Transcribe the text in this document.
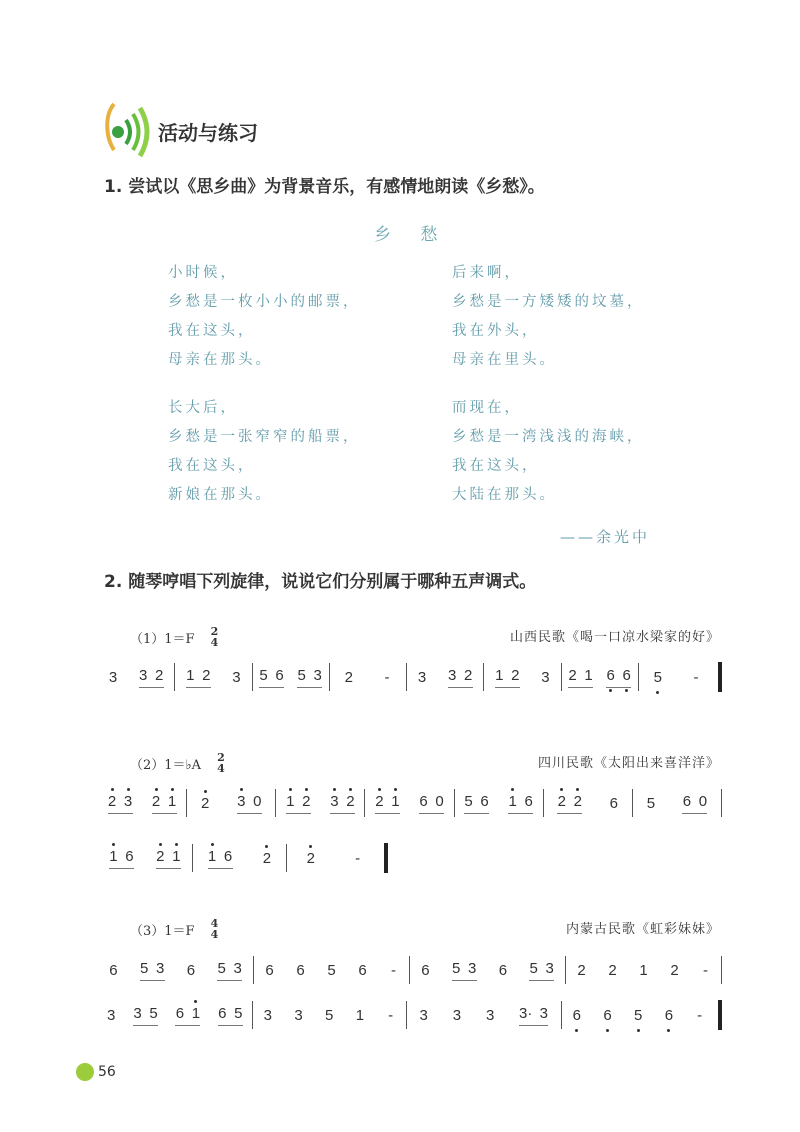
活动与练习
1. 尝试以《思乡曲》为背景音乐，有感情地朗读《乡愁》。
乡 愁
小时候，
乡愁是一枚小小的邮票，
我在这头，
母亲在那头。
后来啊，
乡愁是一方矮矮的坟墓，
我在外头，
母亲在里头。
长大后，
乡愁是一张窄窄的船票，
我在这头，
新娘在那头。
而现在，
乡愁是一湾浅浅的海峡，
我在这头，
大陆在那头。
——余光中
2. 随琴哼唱下列旋律，说说它们分别属于哪种五声调式。
（1）1＝F 2
4	山西民歌《喝一口凉水梁家的好》
3 3 2 1 2 3 5 6 5 3 2 - 3 3 2 1 2 3 2 1 6 6 5 -
（2）1＝♭A 2
4	四川民歌《太阳出来喜洋洋》
2 3 2 1 2 3 0 1 2 3 2 2 1 6 0 5 6 1 6 2 2 6 5 6 0
1 6 2 1 1 6 2 2	-
（3）1＝F 4
4	内蒙古民歌《虹彩妹妹》
6 5 3 6 5 3 6 6 5 6 - 6 5 3 6 5 3 2 2 1 2 -
3 3 5 6 1 6 5 3 3 5 1 - 3 3 3 3· 3 6 6 5 6 -
56
